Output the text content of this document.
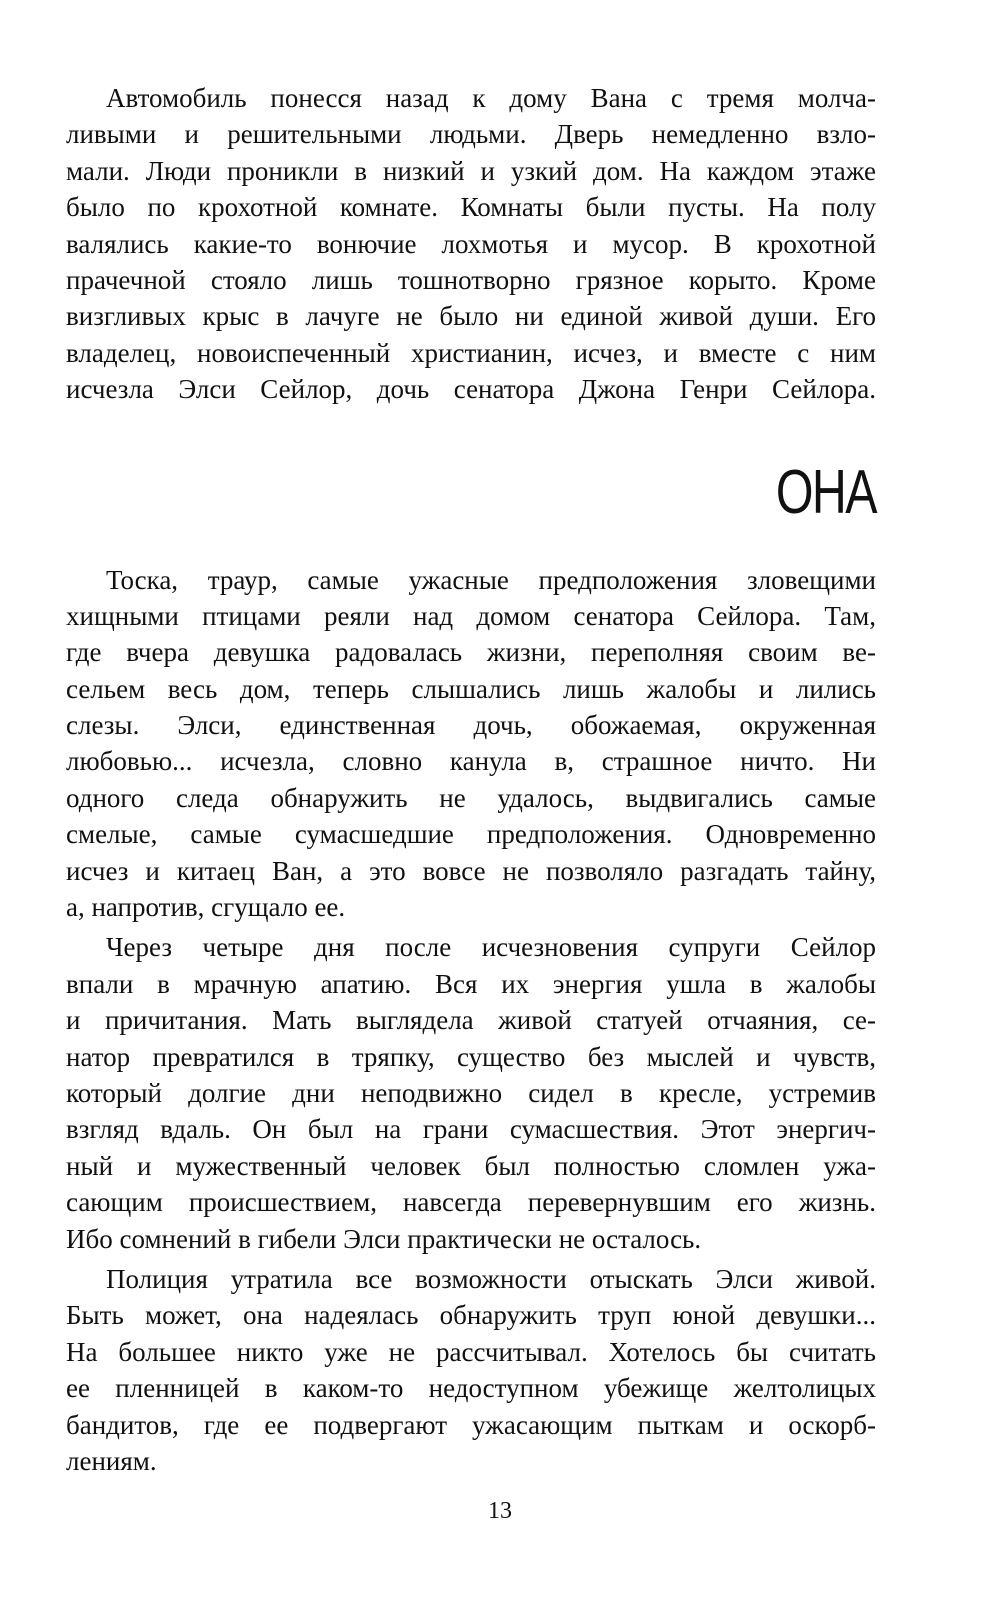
Автомобиль понесся назад к дому Вана с тремя молча-
ливыми и решительными людьми. Дверь немедленно взло-
мали. Люди проникли в низкий и узкий дом. На каждом этаже
было по крохотной комнате. Комнаты были пусты. На полу
валялись какие-то вонючие лохмотья и мусор. В крохотной
прачечной стояло лишь тошнотворно грязное корыто. Кроме
визгливых крыс в лачуге не было ни единой живой души. Его
владелец, новоиспеченный христианин, исчез, и вместе с ним
исчезла Элси Сейлор, дочь сенатора Джона Генри Сейлора.
ОНА
Тоска, траур, самые ужасные предположения зловещими
хищными птицами реяли над домом сенатора Сейлора. Там,
где вчера девушка радовалась жизни, переполняя своим ве-
сельем весь дом, теперь слышались лишь жалобы и лились
слезы. Элси, единственная дочь, обожаемая, окруженная
любовью... исчезла, словно канула в, страшное ничто. Ни
одного следа обнаружить не удалось, выдвигались самые
смелые, самые сумасшедшие предположения. Одновременно
исчез и китаец Ван, а это вовсе не позволяло разгадать тайну,
а, напротив, сгущало ее.
Через четыре дня после исчезновения супруги Сейлор
впали в мрачную апатию. Вся их энергия ушла в жалобы
и причитания. Мать выглядела живой статуей отчаяния, се-
натор превратился в тряпку, существо без мыслей и чувств,
который долгие дни неподвижно сидел в кресле, устремив
взгляд вдаль. Он был на грани сумасшествия. Этот энергич-
ный и мужественный человек был полностью сломлен ужа-
сающим происшествием, навсегда перевернувшим его жизнь.
Ибо сомнений в гибели Элси практически не осталось.
Полиция утратила все возможности отыскать Элси живой.
Быть может, она надеялась обнаружить труп юной девушки...
На большее никто уже не рассчитывал. Хотелось бы считать
ее пленницей в каком-то недоступном убежище желтолицых
бандитов, где ее подвергают ужасающим пыткам и оскорб-
лениям.
13
